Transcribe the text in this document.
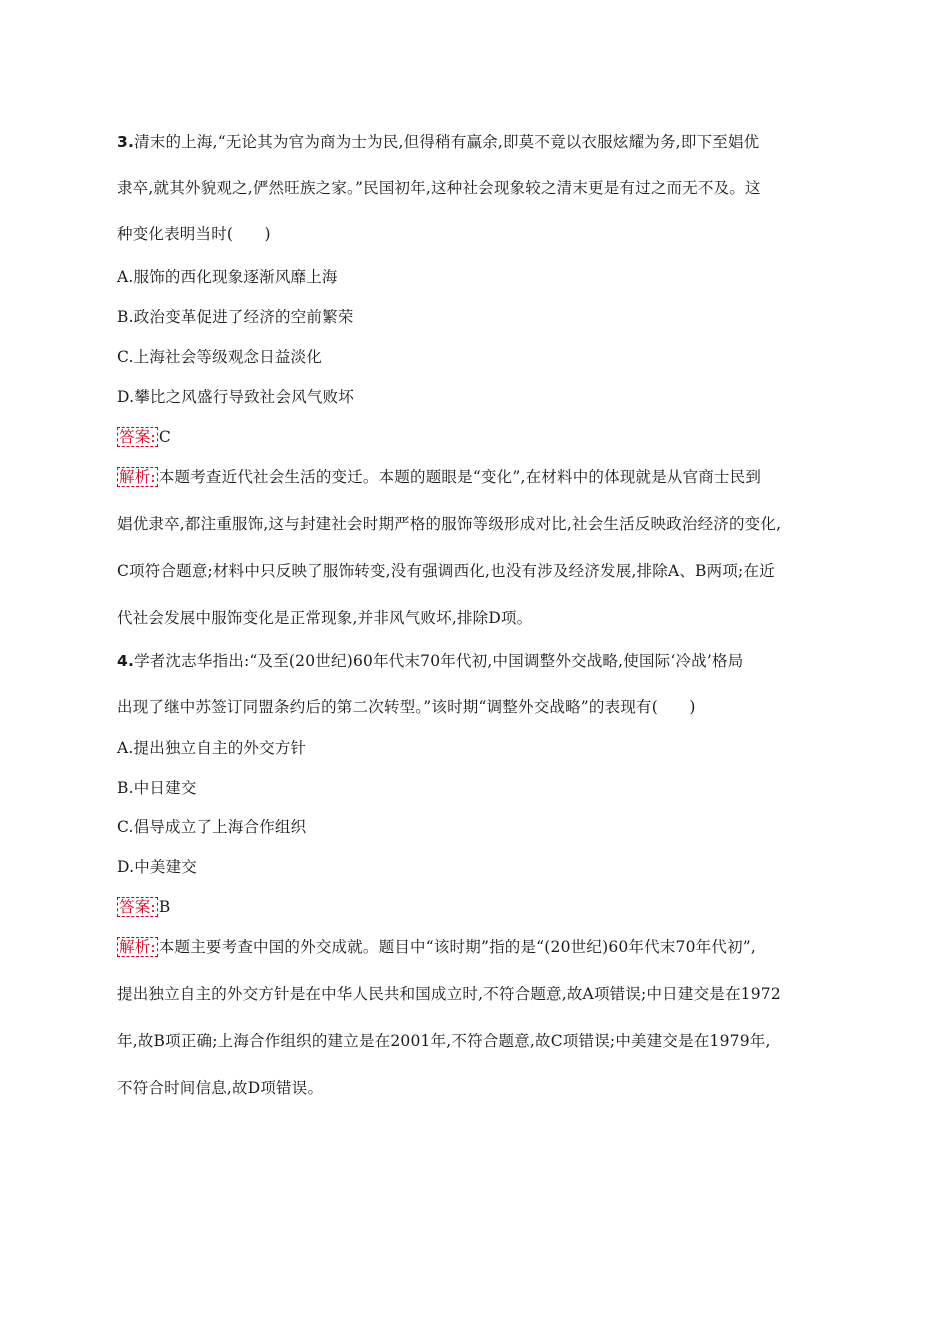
3.清末的上海,“无论其为官为商为士为民,但得稍有赢余,即莫不竟以衣服炫耀为务,即下至娼优
隶卒,就其外貌观之,俨然旺族之家。”民国初年,这种社会现象较之清末更是有过之而无不及。这
种变化表明当时(　　)
A.服饰的西化现象逐渐风靡上海
B.政治变革促进了经济的空前繁荣
C.上海社会等级观念日益淡化
D.攀比之风盛行导致社会风气败坏
答案: C
解析: 本题考查近代社会生活的变迁。本题的题眼是“变化”,在材料中的体现就是从官商士民到
娼优隶卒,都注重服饰,这与封建社会时期严格的服饰等级形成对比,社会生活反映政治经济的变化,
C项符合题意;材料中只反映了服饰转变,没有强调西化,也没有涉及经济发展,排除A、B两项;在近
代社会发展中服饰变化是正常现象,并非风气败坏,排除D项。
4.学者沈志华指出:“及至(20世纪)60年代末70年代初,中国调整外交战略,使国际‘冷战’格局
出现了继中苏签订同盟条约后的第二次转型。”该时期“调整外交战略”的表现有(　　)
A.提出独立自主的外交方针
B.中日建交
C.倡导成立了上海合作组织
D.中美建交
答案: B
解析: 本题主要考查中国的外交成就。题目中“该时期”指的是“(20世纪)60年代末70年代初”,
提出独立自主的外交方针是在中华人民共和国成立时,不符合题意,故A项错误;中日建交是在1972
年,故B项正确;上海合作组织的建立是在2001年,不符合题意,故C项错误;中美建交是在1979年,
不符合时间信息,故D项错误。
